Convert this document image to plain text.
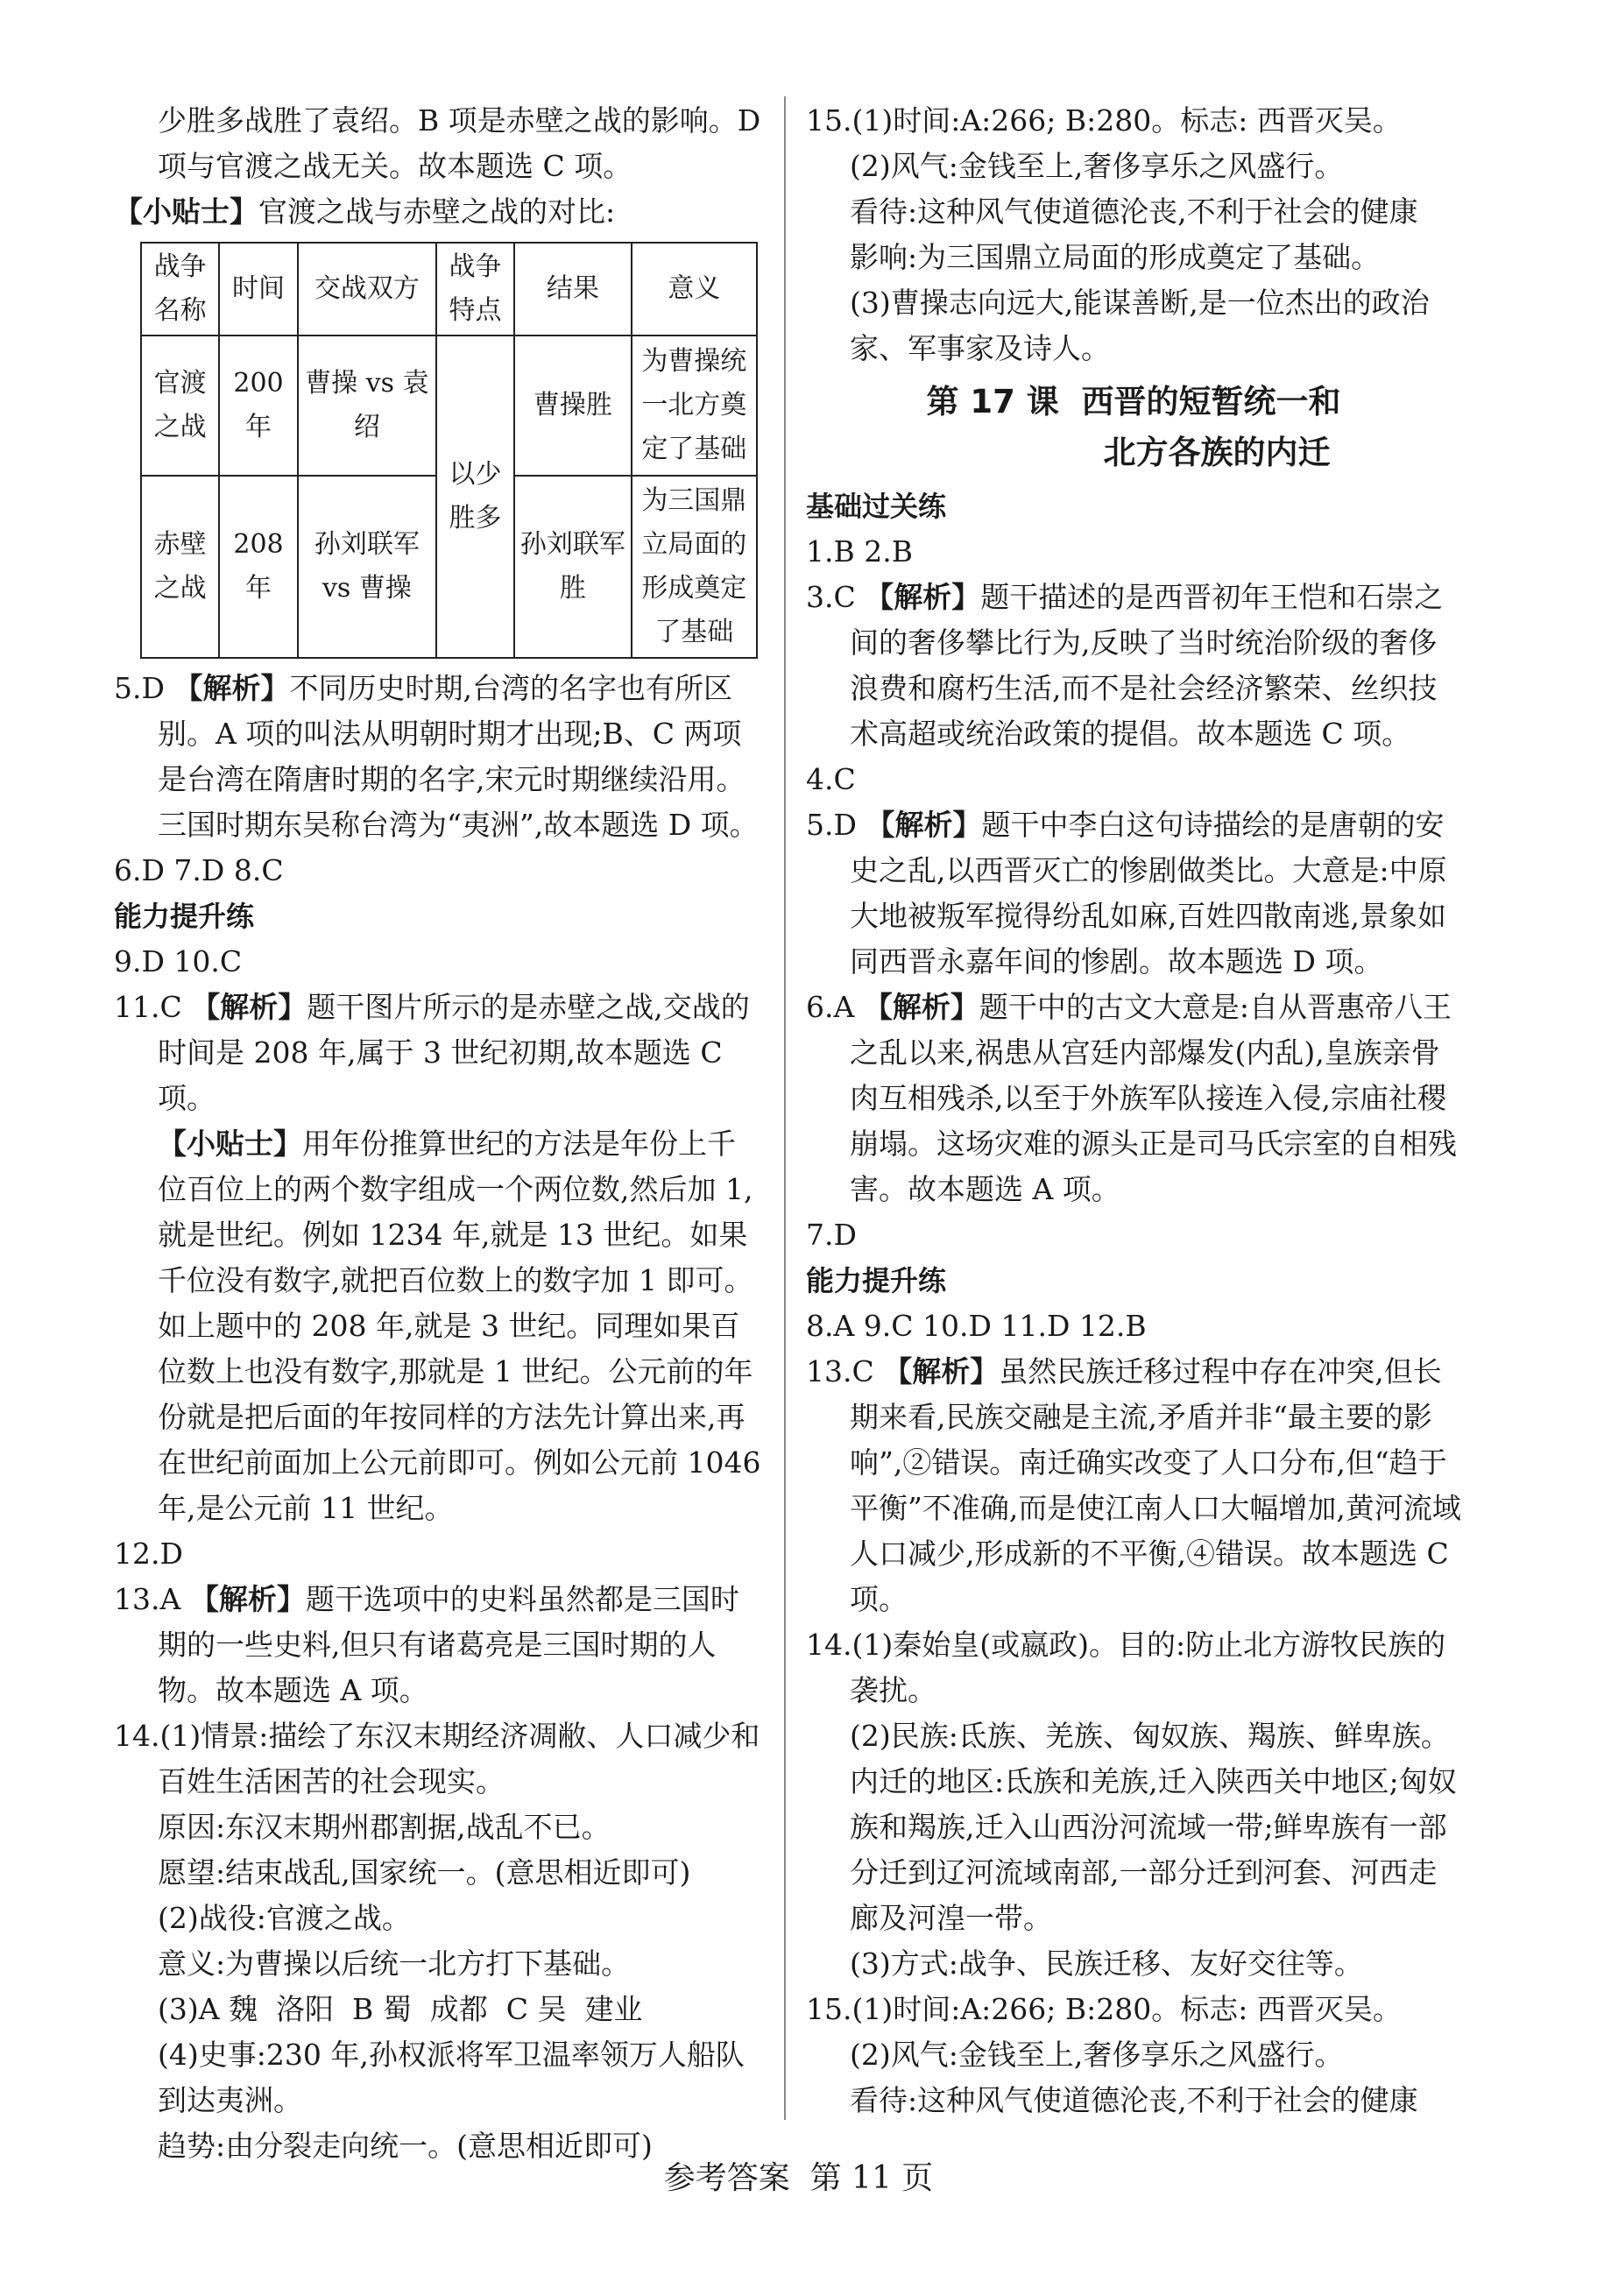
少胜多战胜了袁绍。B 项是赤壁之战的影响。D 项与官渡之战无关。故本题选 C 项。

【小贴士】官渡之战与赤壁之战的对比:

战争名称	时间	交战双方	战争特点	结果	意义
官渡之战	200 年	曹操 vs 袁绍	以少胜多	曹操胜	为曹操统一北方奠定了基础
赤壁之战	208 年	孙刘联军 vs 曹操		孙刘联军胜	为三国鼎立局面的形成奠定了基础

5.D 【解析】不同历史时期,台湾的名字也有所区别。A 项的叫法从明朝时期才出现;B、C 两项是台湾在隋唐时期的名字,宋元时期继续沿用。三国时期东吴称台湾为“夷洲”,故本题选 D 项。

6.D 7.D 8.C

能力提升练

9.D 10.C

11.C 【解析】题干图片所示的是赤壁之战,交战的时间是 208 年,属于 3 世纪初期,故本题选 C 项。

【小贴士】用年份推算世纪的方法是年份上千位百位上的两个数字组成一个两位数,然后加 1,就是世纪。例如 1234 年,就是 13 世纪。如果千位没有数字,就把百位数上的数字加 1 即可。如上题中的 208 年,就是 3 世纪。同理如果百位数上也没有数字,那就是 1 世纪。公元前的年份就是把后面的年按同样的方法先计算出来,再在世纪前面加上公元前即可。例如公元前 1046 年,是公元前 11 世纪。

12.D

13.A 【解析】题干选项中的史料虽然都是三国时期的一些史料,但只有诸葛亮是三国时期的人物。故本题选 A 项。

14.(1)情景:描绘了东汉末期经济凋敝、人口减少和百姓生活困苦的社会现实。

原因:东汉末期州郡割据,战乱不已。

愿望:结束战乱,国家统一。(意思相近即可)

(2)战役:官渡之战。

意义:为曹操以后统一北方打下基础。

(3)A 魏  洛阳  B 蜀  成都  C 吴  建业

(4)史事:230 年,孙权派将军卫温率领万人船队到达夷洲。

趋势:由分裂走向统一。(意思相近即可)

15.(1)时间:A:266; B:280。标志: 西晋灭吴。

(2)风气:金钱至上,奢侈享乐之风盛行。

看待:这种风气使道德沦丧,不利于社会的健康

影响:为三国鼎立局面的形成奠定了基础。

(3)曹操志向远大,能谋善断,是一位杰出的政治家、军事家及诗人。

第 17 课  西晋的短暂统一和
北方各族的内迁

基础过关练

1.B 2.B

3.C 【解析】题干描述的是西晋初年王恺和石崇之间的奢侈攀比行为,反映了当时统治阶级的奢侈浪费和腐朽生活,而不是社会经济繁荣、丝织技术高超或统治政策的提倡。故本题选 C 项。

4.C

5.D 【解析】题干中李白这句诗描绘的是唐朝的安史之乱,以西晋灭亡的惨剧做类比。大意是:中原大地被叛军搅得纷乱如麻,百姓四散南逃,景象如同西晋永嘉年间的惨剧。故本题选 D 项。

6.A 【解析】题干中的古文大意是:自从晋惠帝八王之乱以来,祸患从宫廷内部爆发(内乱),皇族亲骨肉互相残杀,以至于外族军队接连入侵,宗庙社稷崩塌。这场灾难的源头正是司马氏宗室的自相残害。故本题选 A 项。

7.D

能力提升练

8.A 9.C 10.D 11.D 12.B

13.C 【解析】虽然民族迁移过程中存在冲突,但长期来看,民族交融是主流,矛盾并非“最主要的影响”,②错误。南迁确实改变了人口分布,但“趋于平衡”不准确,而是使江南人口大幅增加,黄河流域人口减少,形成新的不平衡,④错误。故本题选 C 项。

14.(1)秦始皇(或嬴政)。目的:防止北方游牧民族的袭扰。

(2)民族:氐族、羌族、匈奴族、羯族、鲜卑族。

内迁的地区:氐族和羌族,迁入陕西关中地区;匈奴族和羯族,迁入山西汾河流域一带;鲜卑族有一部分迁到辽河流域南部,一部分迁到河套、河西走廊及河湟一带。

(3)方式:战争、民族迁移、友好交往等。

15.(1)时间:A:266; B:280。标志: 西晋灭吴。

(2)风气:金钱至上,奢侈享乐之风盛行。

看待:这种风气使道德沦丧,不利于社会的健康

参考答案  第 11 页
